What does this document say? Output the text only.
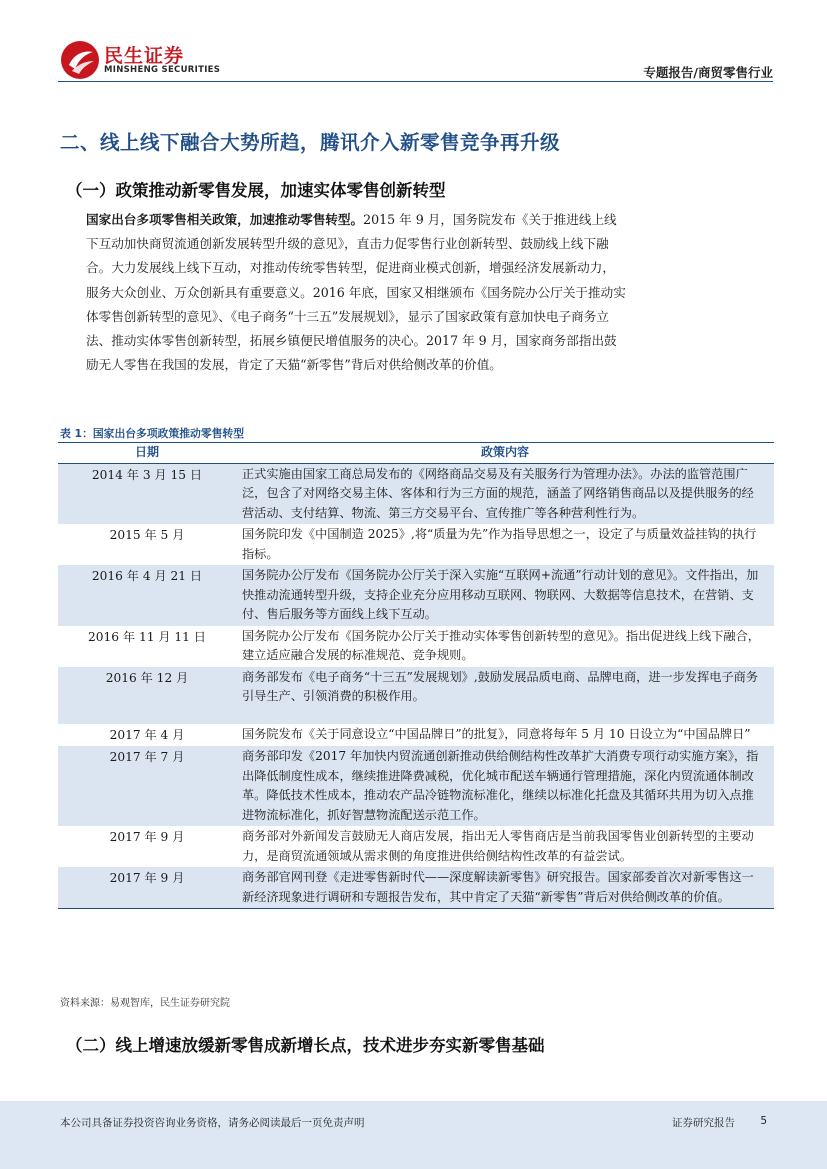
民生证券
MINSHENG SECURITIES	专题报告/商贸零售行业
二、线上线下融合大势所趋，腾讯介入新零售竞争再升级
（一）政策推动新零售发展，加速实体零售创新转型

国家出台多项零售相关政策，加速推动零售转型。2015 年 9 月，国务院发布《关于推进线上线下互动加快商贸流通创新发展转型升级的意见》，直击力促零售行业创新转型、鼓励线上线下融合。大力发展线上线下互动，对推动传统零售转型，促进商业模式创新，增强经济发展新动力，服务大众创业、万众创新具有重要意义。2016 年底，国家又相继颁布《国务院办公厅关于推动实体零售创新转型的意见》、《电子商务“十三五”发展规划》，显示了国家政策有意加快电子商务立法、推动实体零售创新转型，拓展乡镇便民增值服务的决心。2017 年 9 月，国家商务部指出鼓励无人零售在我国的发展，肯定了天猫“新零售”背后对供给侧改革的价值。

表 1：国家出台多项政策推动零售转型
日期	政策内容
2014 年 3 月 15 日	正式实施由国家工商总局发布的《网络商品交易及有关服务行为管理办法》。办法的监管范围广泛，包含了对网络交易主体、客体和行为三方面的规范，涵盖了网络销售商品以及提供服务的经营活动、支付结算、物流、第三方交易平台、宣传推广等各种营利性行为。
2015 年 5 月	国务院印发《中国制造 2025》,将“质量为先”作为指导思想之一，设定了与质量效益挂钩的执行指标。
2016 年 4 月 21 日	国务院办公厅发布《国务院办公厅关于深入实施“互联网+流通”行动计划的意见》。文件指出，加快推动流通转型升级，支持企业充分应用移动互联网、物联网、大数据等信息技术，在营销、支付、售后服务等方面线上线下互动。
2016 年 11 月 11 日	国务院办公厅发布《国务院办公厅关于推动实体零售创新转型的意见》。指出促进线上线下融合，建立适应融合发展的标准规范、竞争规则。
2016 年 12 月	商务部发布《电子商务“十三五”发展规划》,鼓励发展品质电商、品牌电商，进一步发挥电子商务引导生产、引领消费的积极作用。
2017 年 4 月	国务院发布《关于同意设立“中国品牌日”的批复》，同意将每年 5 月 10 日设立为“中国品牌日”
2017 年 7 月	商务部印发《2017 年加快内贸流通创新推动供给侧结构性改革扩大消费专项行动实施方案》，指出降低制度性成本，继续推进降费减税，优化城市配送车辆通行管理措施，深化内贸流通体制改革。降低技术性成本，推动农产品冷链物流标准化，继续以标准化托盘及其循环共用为切入点推进物流标准化，抓好智慧物流配送示范工作。
2017 年 9 月	商务部对外新闻发言鼓励无人商店发展，指出无人零售商店是当前我国零售业创新转型的主要动力，是商贸流通领域从需求侧的角度推进供给侧结构性改革的有益尝试。
2017 年 9 月	商务部官网刊登《走进零售新时代——深度解读新零售》研究报告。国家部委首次对新零售这一新经济现象进行调研和专题报告发布，其中肯定了天猫“新零售”背后对供给侧改革的价值。
资料来源：易观智库，民生证券研究院
（二）线上增速放缓新零售成新增长点，技术进步夯实新零售基础
本公司具备证券投资咨询业务资格，请务必阅读最后一页免责声明	证券研究报告 5
